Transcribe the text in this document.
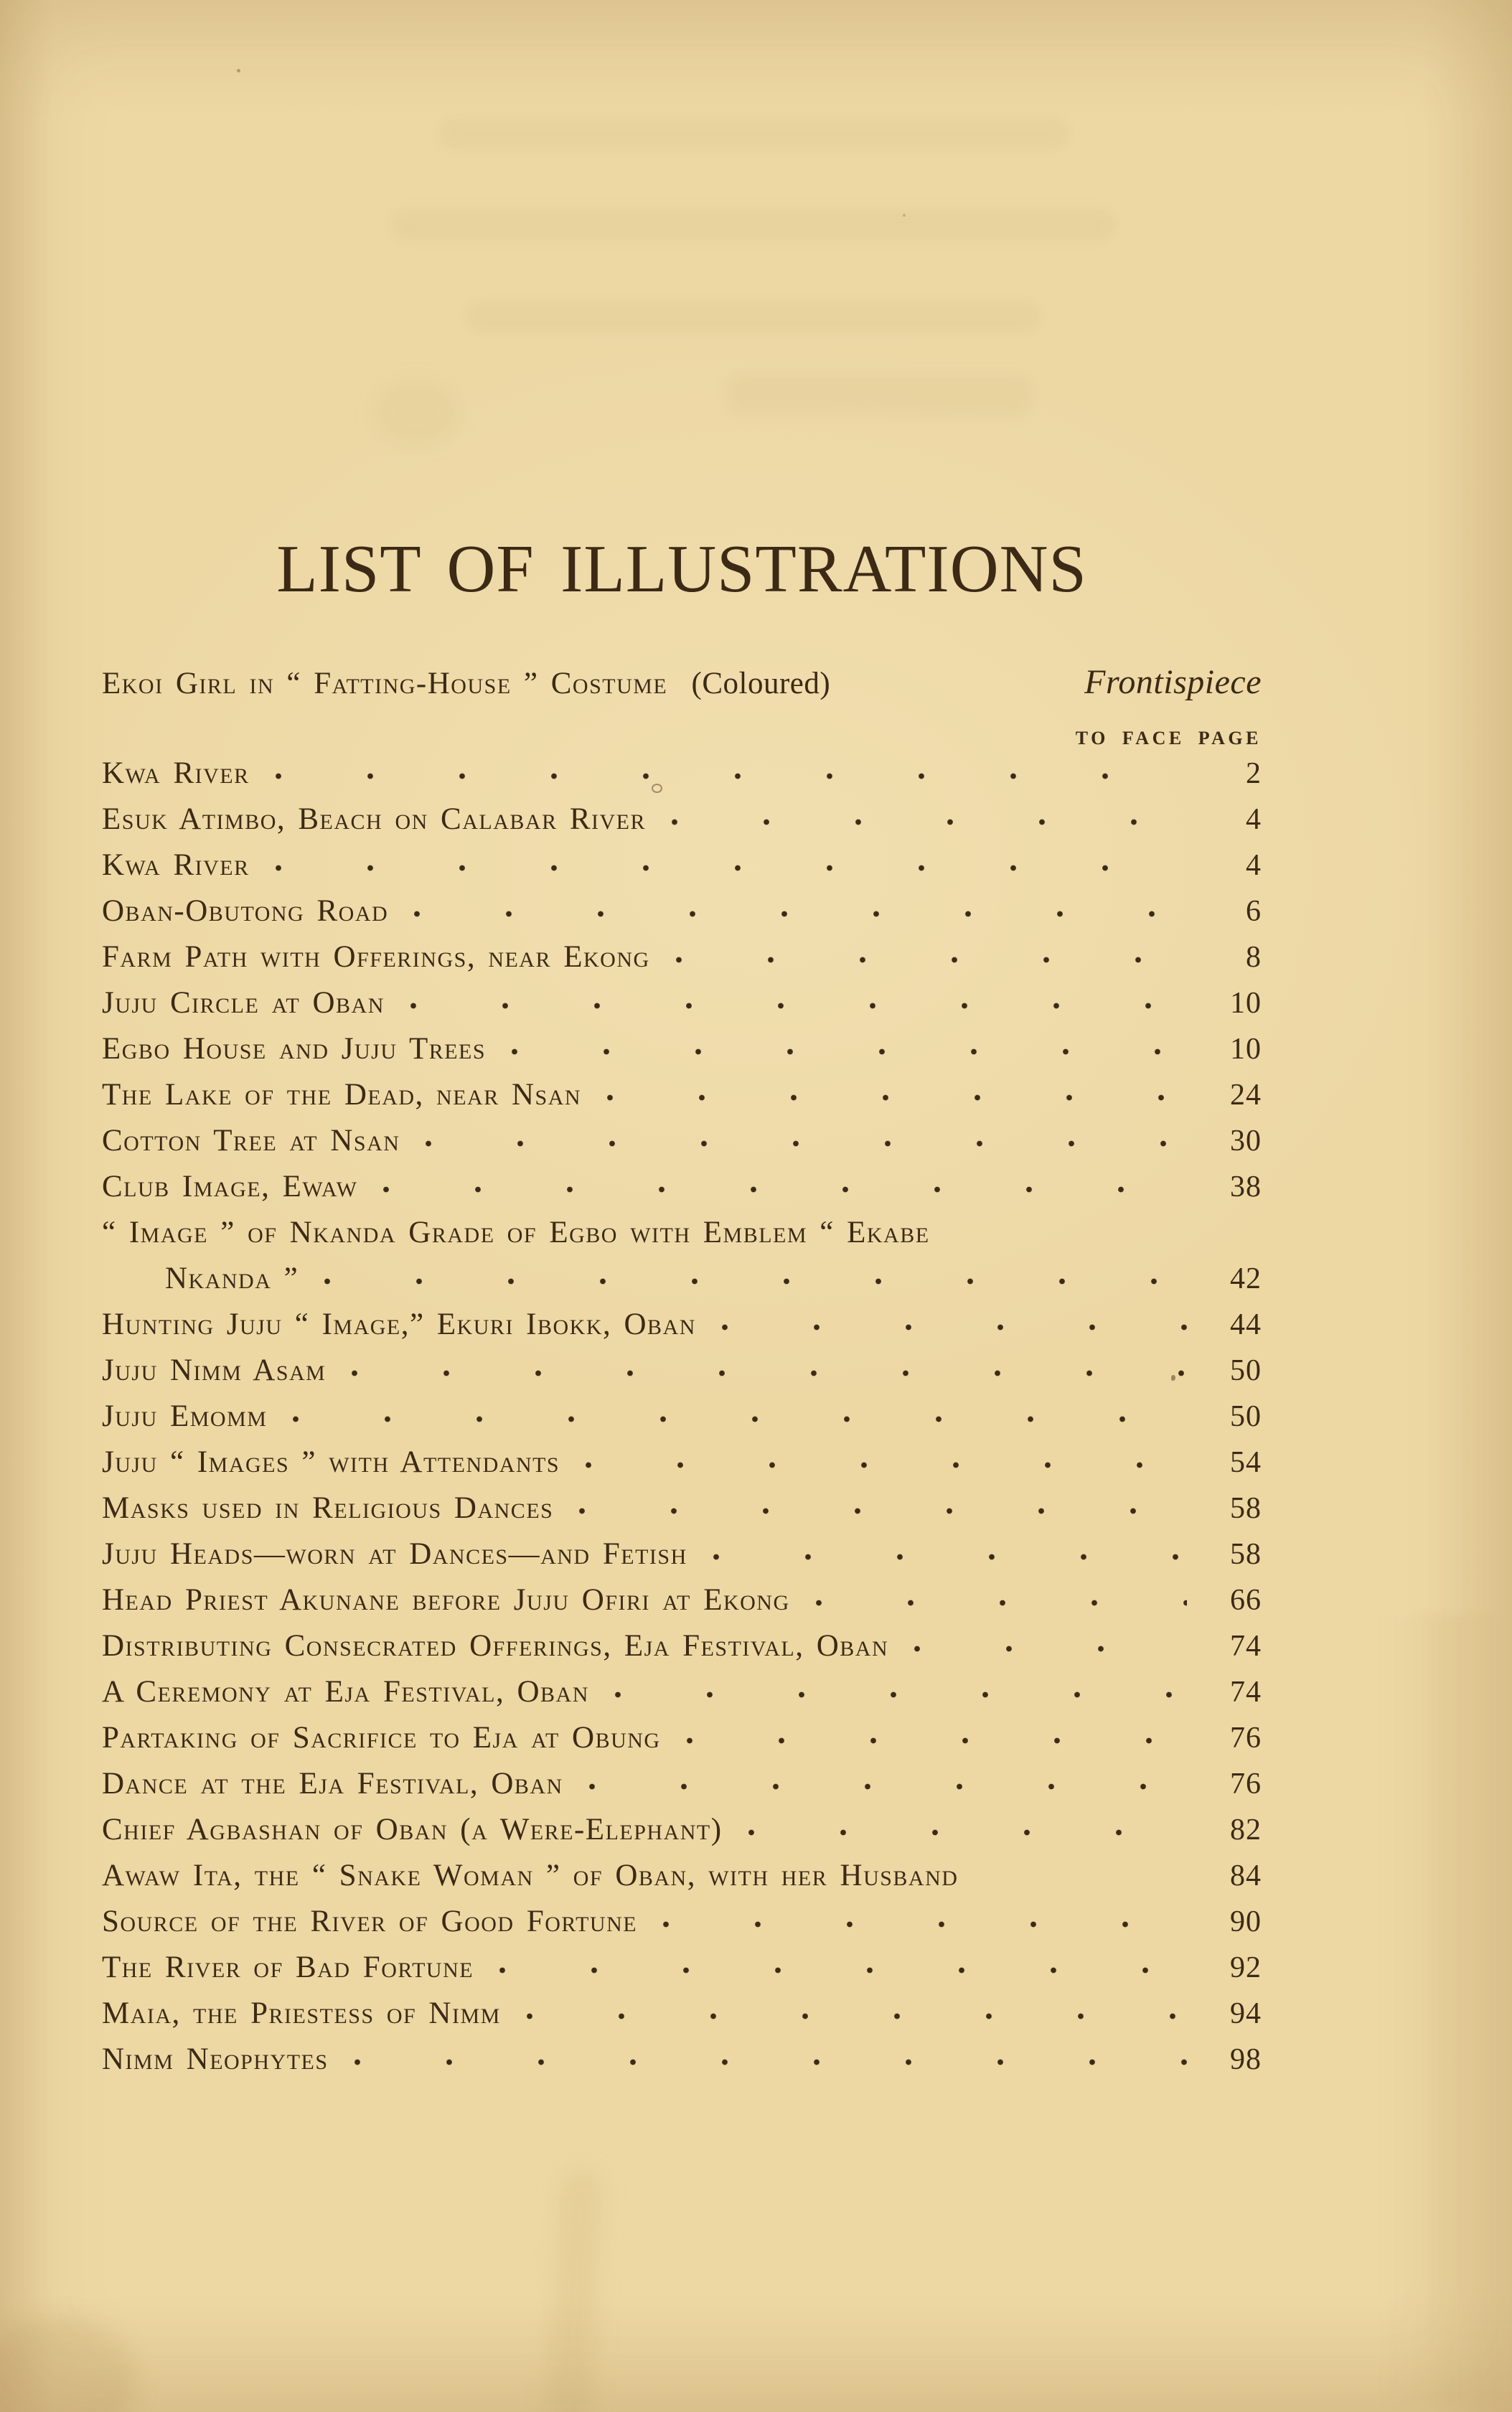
LIST OF ILLUSTRATIONS
Ekoi Girl in “ Fatting-House ” Costume (Coloured)	Frontispiece
TO FACE PAGE
Kwa River	2
Esuk Atimbo, Beach on Calabar River	4
Kwa River	4
Oban-Obutong Road	6
Farm Path with Offerings, near Ekong	8
Juju Circle at Oban	10
Egbo House and Juju Trees	10
The Lake of the Dead, near Nsan	24
Cotton Tree at Nsan	30
Club Image, Ewaw	38
“ Image ” of Nkanda Grade of Egbo with Emblem “ Ekabe
Nkanda ”	42
Hunting Juju “ Image,” Ekuri Ibokk, Oban	44
Juju Nimm Asam	50
Juju Emomm	50
Juju “ Images ” with Attendants	54
Masks used in Religious Dances	58
Juju Heads—worn at Dances—and Fetish	58
Head Priest Akunane before Juju Ofiri at Ekong	66
Distributing Consecrated Offerings, Eja Festival, Oban	74
A Ceremony at Eja Festival, Oban	74
Partaking of Sacrifice to Eja at Obung	76
Dance at the Eja Festival, Oban	76
Chief Agbashan of Oban (a Were-Elephant)	82
Awaw Ita, the “ Snake Woman ” of Oban, with her Husband	84
Source of the River of Good Fortune	90
The River of Bad Fortune	92
Maia, the Priestess of Nimm	94
Nimm Neophytes	98
